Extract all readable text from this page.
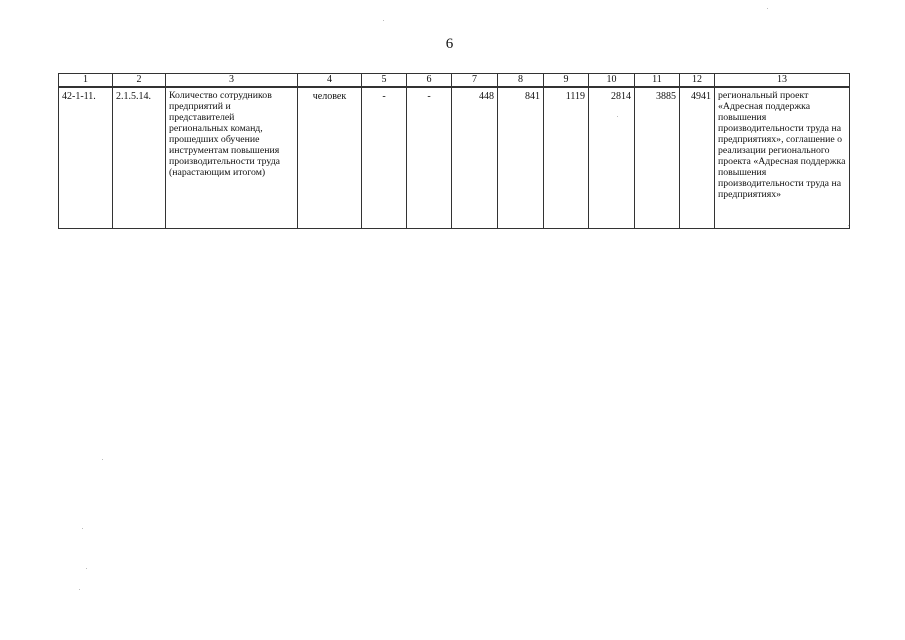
6
1	2	3	4	5	6	7	8	9	10	11	12	13
42-1-11.	2.1.5.14.	Количество сотрудников предприятий и представителей региональных команд, прошедших обучение инструментам повышения производительности труда (нарастающим итогом)	человек	-	-	448	841	1119	2814	3885	4941	региональный проект «Адресная поддержка повышения производительности труда на предприятиях», соглашение о реализации регионального проекта «Адресная поддержка повышения производительности труда на предприятиях»
